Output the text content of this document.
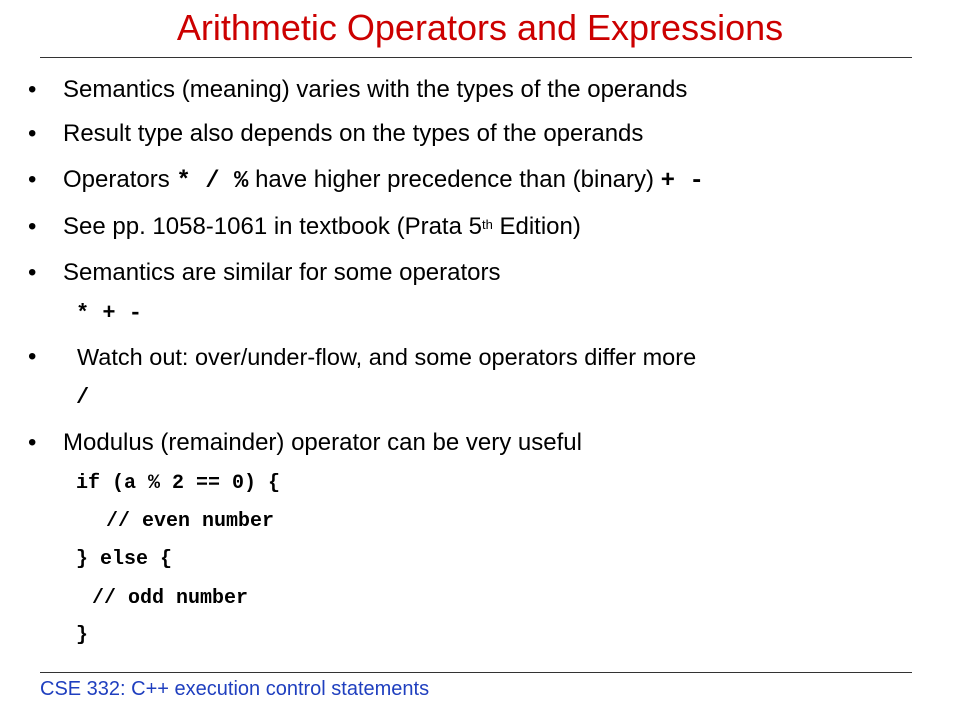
Arithmetic Operators and Expressions
• Semantics (meaning) varies with the types of the operands
• Result type also depends on the types of the operands
• Operators * / % have higher precedence than (binary) + -
• See pp. 1058-1061 in textbook (Prata 5th Edition)
• Semantics are similar for some operators
* + -
• Watch out: over/under-flow, and some operators differ more
/
• Modulus (remainder) operator can be very useful
if (a % 2 == 0) {
// even number
} else {
// odd number
}
CSE 332: C++ execution control statements
